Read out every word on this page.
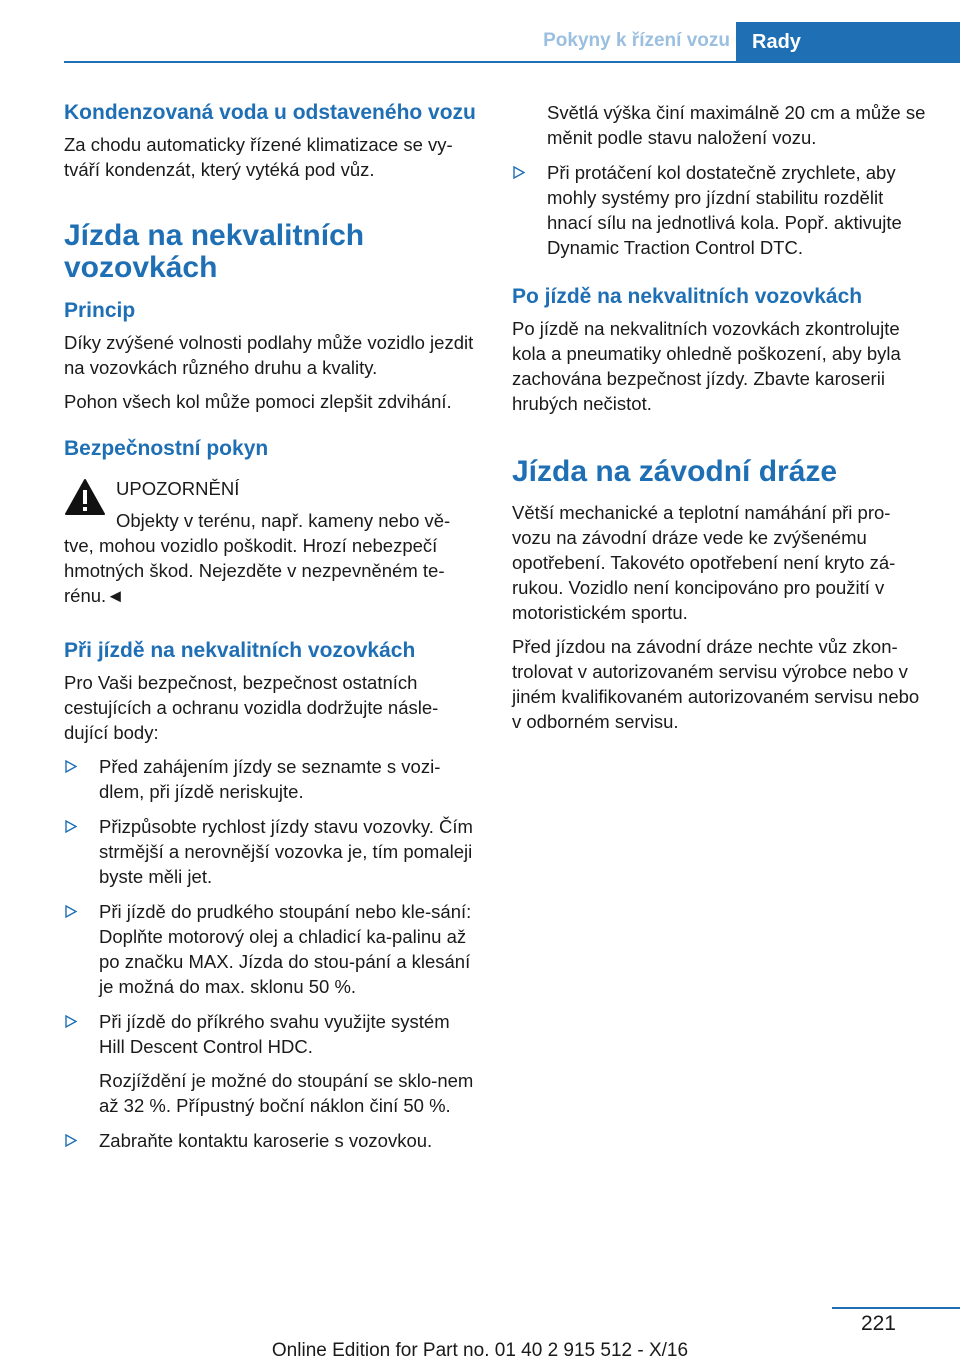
Pokyny k řízení vozu	Rady
Kondenzovaná voda u odstaveného vozu

Za chodu automaticky řízené klimatizace se vy‐tváří kondenzát, který vytéká pod vůz.

Jízda na nekvalitních vozovkách
Princip

Díky zvýšené volnosti podlahy může vozidlo jezdit na vozovkách různého druhu a kvality.

Pohon všech kol může pomoci zlepšit zdvihání.

Bezpečnostní pokyn
UPOZORNĚNÍ

Objekty v terénu, např. kameny nebo vě‐tve, mohou vozidlo poškodit. Hrozí nebezpečí hmotných škod. Nejezděte v nezpevněném te‐rénu.◄

Při jízdě na nekvalitních vozovkách

Pro Vaši bezpečnost, bezpečnost ostatních cestujících a ochranu vozidla dodržujte násle‐dující body:

Před zahájením jízdy se seznamte s vozi‐dlem, při jízdě neriskujte.

Přizpůsobte rychlost jízdy stavu vozovky. Čím strmější a nerovnější vozovka je, tím pomaleji byste měli jet.

Při jízdě do prudkého stoupání nebo kle‐sání: Doplňte motorový olej a chladicí ka‐palinu až po značku MAX. Jízda do stou‐pání a klesání je možná do max. sklonu 50 %.

Při jízdě do příkrého svahu využijte systém Hill Descent Control HDC.

Rozjíždění je možné do stoupání se sklo‐nem až 32 %. Přípustný boční náklon činí 50 %.

Zabraňte kontaktu karoserie s vozovkou.

Světlá výška činí maximálně 20 cm a může se měnit podle stavu naložení vozu.

Při protáčení kol dostatečně zrychlete, aby mohly systémy pro jízdní stabilitu rozdělit hnací sílu na jednotlivá kola. Popř. aktivujte Dynamic Traction Control DTC.

Po jízdě na nekvalitních vozovkách

Po jízdě na nekvalitních vozovkách zkontrolujte kola a pneumatiky ohledně poškození, aby byla zachována bezpečnost jízdy. Zbavte karoserii hrubých nečistot.

Jízda na závodní dráze

Větší mechanické a teplotní namáhání při pro‐vozu na závodní dráze vede ke zvýšenému opotřebení. Takovéto opotřebení není kryto zá‐rukou. Vozidlo není koncipováno pro použití v motoristickém sportu.

Před jízdou na závodní dráze nechte vůz zkon‐trolovat v autorizovaném servisu výrobce nebo v jiném kvalifikovaném autorizovaném servisu nebo v odborném servisu.

221
Online Edition for Part no. 01 40 2 915 512 - X/16
